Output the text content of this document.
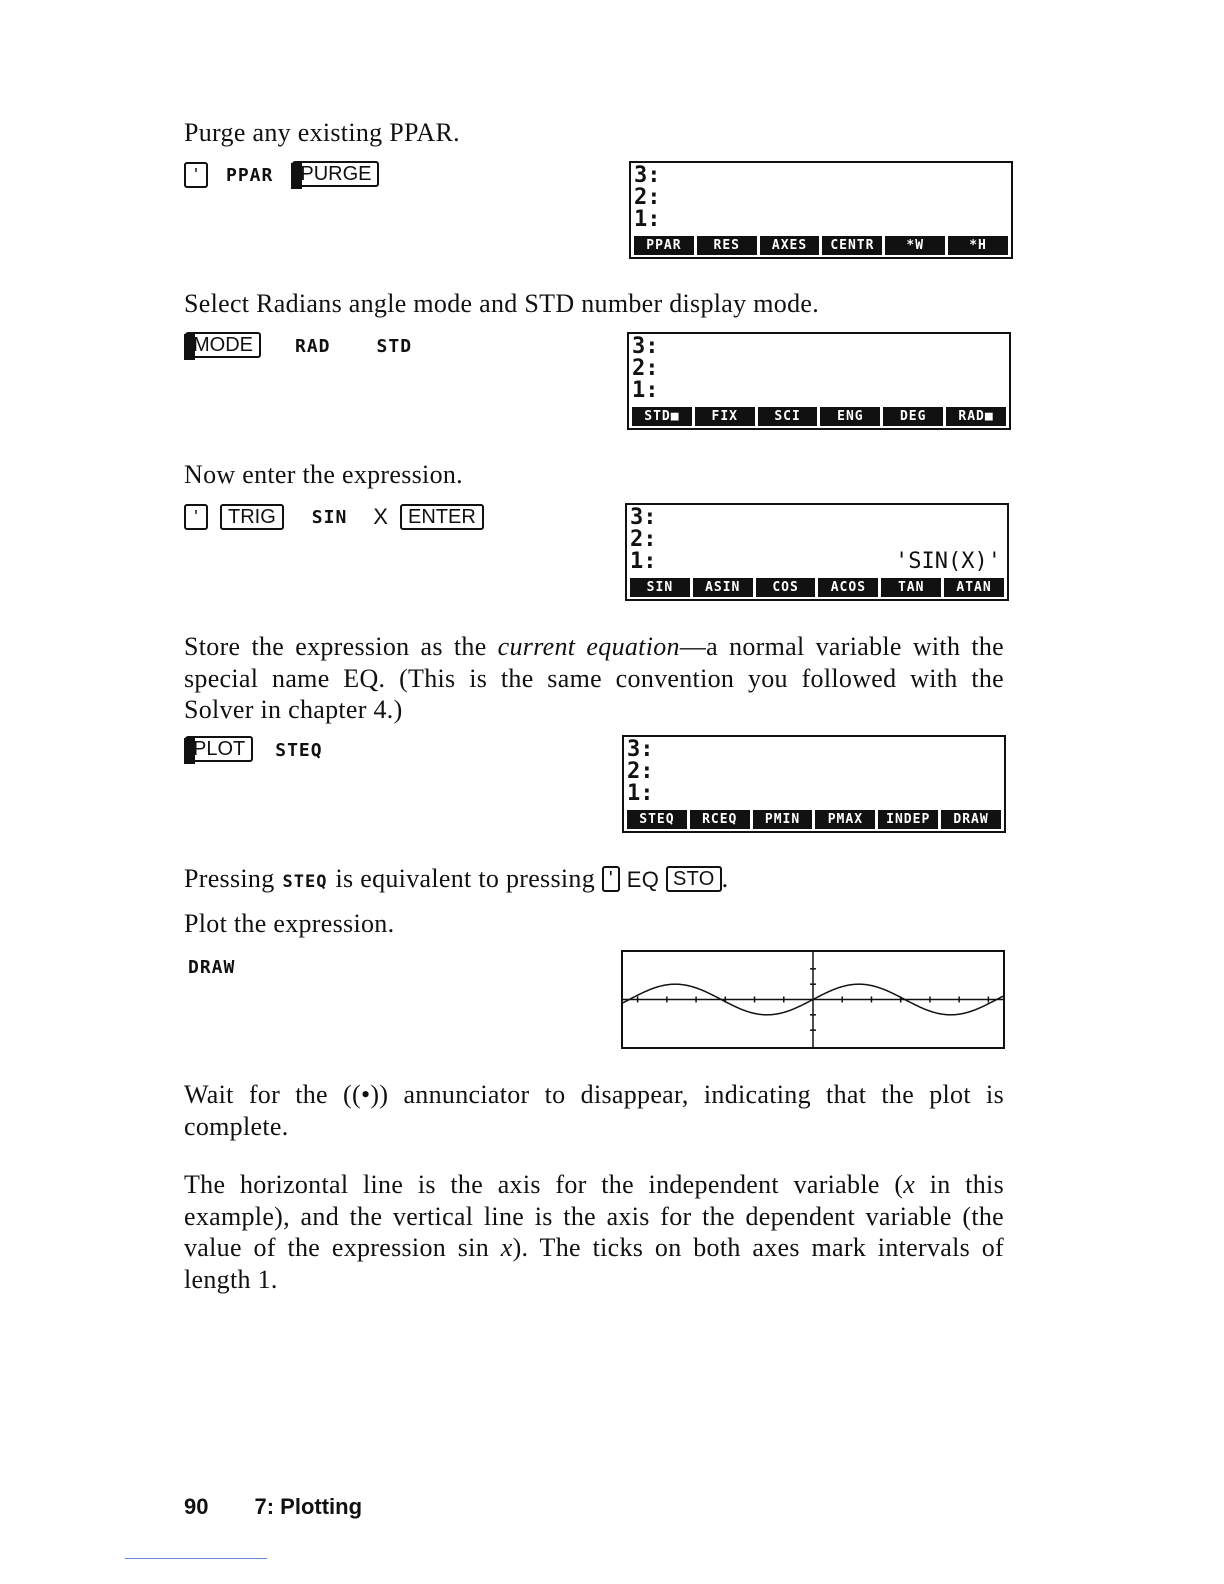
Purge any existing PPAR.
'	PPAR	PURGE	3:
2:
1:
PPAR	RES	AXES	CENTR	*W	*H
Select Radians angle mode and STD number display mode.
MODE	RAD	STD	3:
2:
1:
STD■	FIX	SCI	ENG	DEG	RAD■
Now enter the expression.
'	TRIG	SIN X	ENTER	3:
2:
1:	'SIN(X)'
SIN	ASIN	COS	ACOS	TAN	ATAN
Store the expression as the current equation—a normal variable with the special name EQ. (This is the same convention you followed with the Solver in chapter 4.)
PLOT	STEQ	3:
2:
1:
STEQ	RCEQ	PMIN	PMAX	INDEP	DRAW
Pressing STEQ is equivalent to pressing ' EQ STO .
Plot the expression.
DRAW
Wait for the ((•)) annunciator to disappear, indicating that the plot is complete.
The horizontal line is the axis for the independent variable (x in this example), and the vertical line is the axis for the dependent variable (the value of the expression sin x). The ticks on both axes mark intervals of length 1.
90 7: Plotting
